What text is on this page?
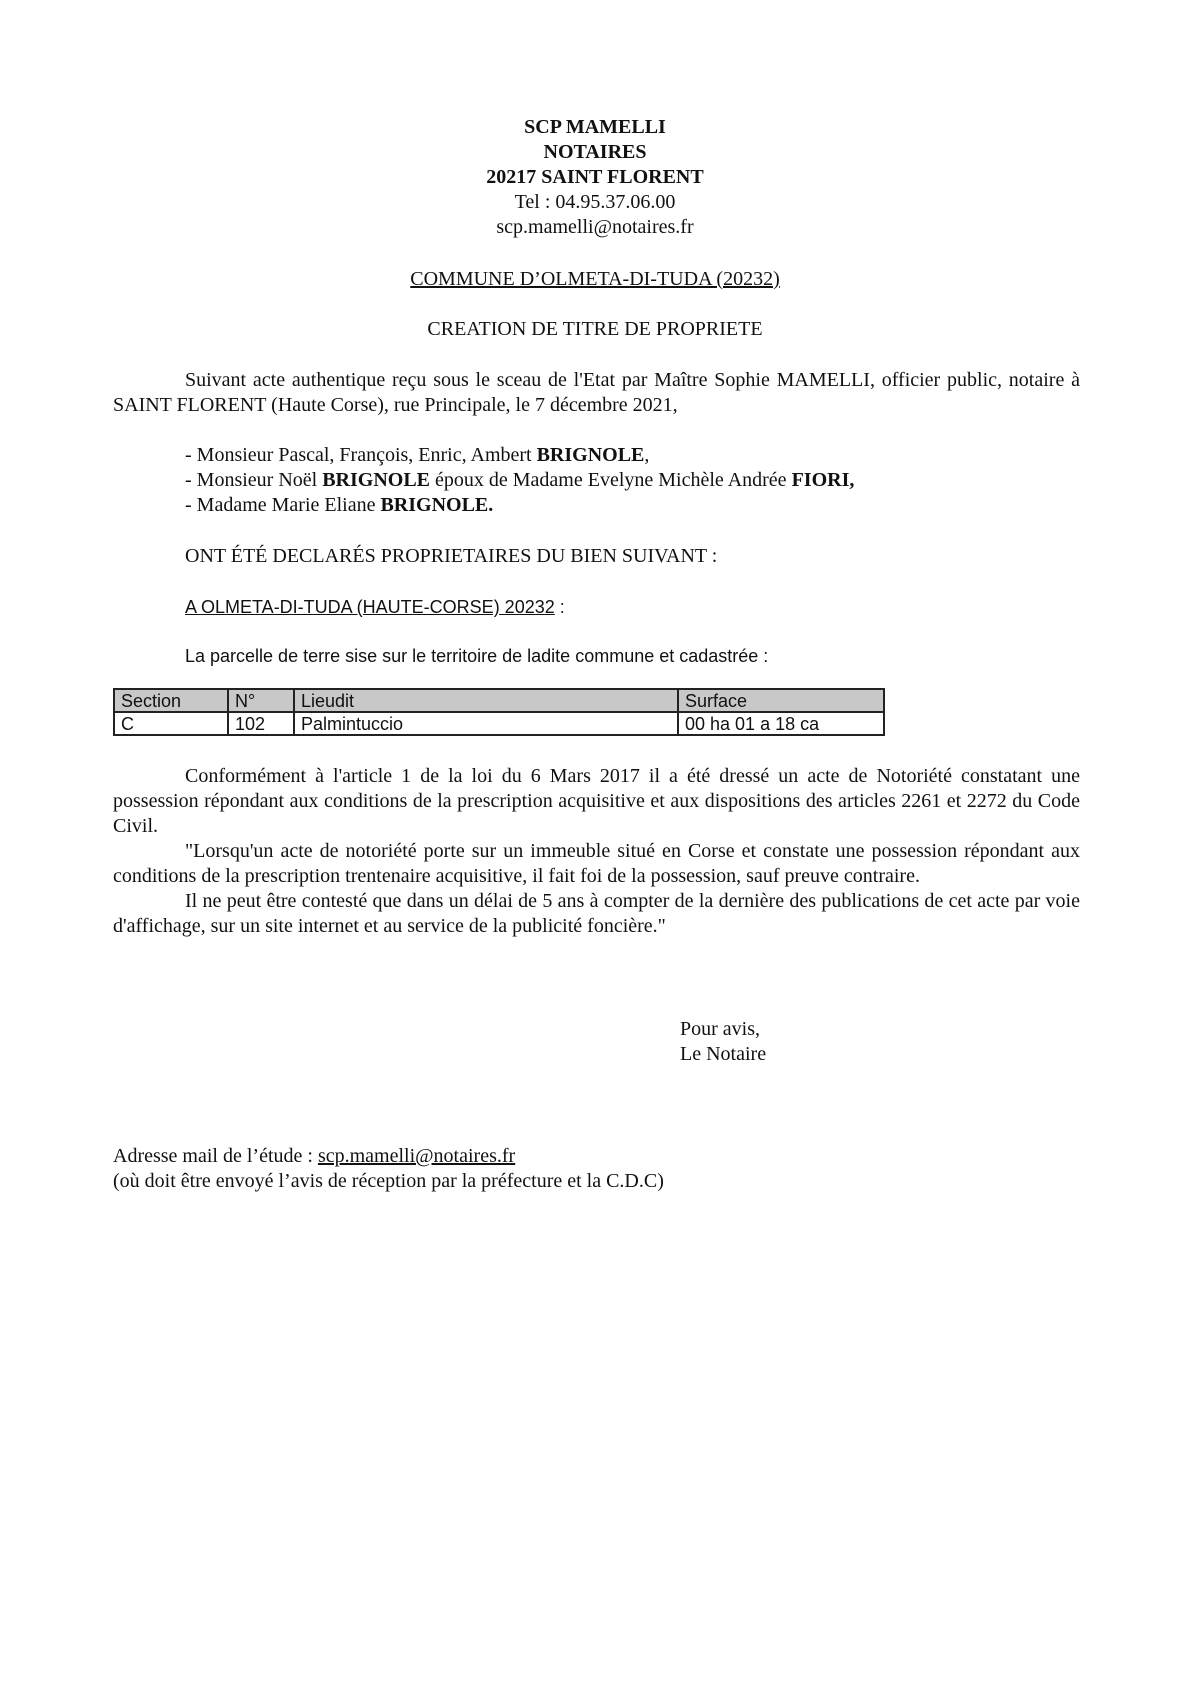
SCP MAMELLI
NOTAIRES
20217 SAINT FLORENT
Tel : 04.95.37.06.00
scp.mamelli@notaires.fr
COMMUNE D’OLMETA-DI-TUDA (20232)
CREATION DE TITRE DE PROPRIETE
Suivant acte authentique reçu sous le sceau de l'Etat par Maître Sophie MAMELLI, officier public, notaire à SAINT FLORENT (Haute Corse), rue Principale, le 7 décembre 2021,
- Monsieur Pascal, François, Enric, Ambert BRIGNOLE,
- Monsieur Noël BRIGNOLE époux de Madame Evelyne Michèle Andrée FIORI,
- Madame Marie Eliane BRIGNOLE.
ONT ÉTÉ DECLARÉS PROPRIETAIRES DU BIEN SUIVANT :
A OLMETA-DI-TUDA (HAUTE-CORSE) 20232 :
La parcelle de terre sise sur le territoire de ladite commune et cadastrée :
Section	N°	Lieudit	Surface
C	102	Palmintuccio	00 ha 01 a 18 ca
Conformément à l'article 1 de la loi du 6 Mars 2017 il a été dressé un acte de Notoriété constatant une possession répondant aux conditions de la prescription acquisitive et aux dispositions des articles 2261 et 2272 du Code Civil.
"Lorsqu'un acte de notoriété porte sur un immeuble situé en Corse et constate une possession répondant aux conditions de la prescription trentenaire acquisitive, il fait foi de la possession, sauf preuve contraire.
Il ne peut être contesté que dans un délai de 5 ans à compter de la dernière des publications de cet acte par voie d'affichage, sur un site internet et au service de la publicité foncière."
Pour avis,
Le Notaire
Adresse mail de l’étude : scp.mamelli@notaires.fr
(où doit être envoyé l’avis de réception par la préfecture et la C.D.C)
